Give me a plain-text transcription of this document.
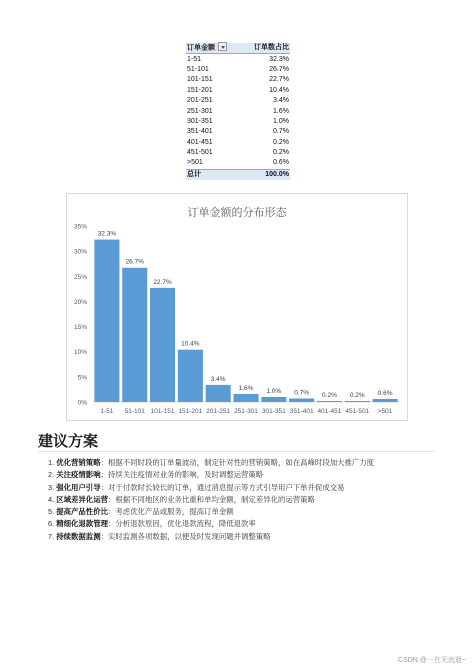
订单金额	订单数占比
1-51	32.3%
51-101	26.7%
101-151	22.7%
151-201	10.4%
201-251	3.4%
251-301	1.6%
301-351	1.0%
351-401	0.7%
401-451	0.2%
451-501	0.2%
>501	0.6%
总计	100.0%
0%
5%
10%
15%
20%
25%
30%
35%
32.3%
1-51
26.7%
51-101
22.7%
101-151
10.4%
151-201
3.4%
201-251
1.6%
251-301
1.0%
301-351
0.7%
351-401
0.2%
401-451
0.2%
451-501
0.6%
>501
订单金额的分布形态
建议方案
1. 优化营销策略：根据不同时段的订单量波动，制定针对性的营销策略，如在高峰时段加大推广力度
2. 关注疫情影响：持续关注疫情对业务的影响，及时调整运营策略
3. 强化用户引导：对于付款时长较长的订单，通过消息提示等方式引导用户下单并促成交易
4. 区域差异化运营：根据不同地区的业务比重和单均金额，制定差异化的运营策略
5. 提高产品性价比：考虑优化产品或服务，提高订单金额
6. 精细化退款管理：分析退款原因，优化退款流程，降低退款率
7. 持续数据监测：实时监测各项数据，以便及时发现问题并调整策略
CSDN @一在无流逝~
